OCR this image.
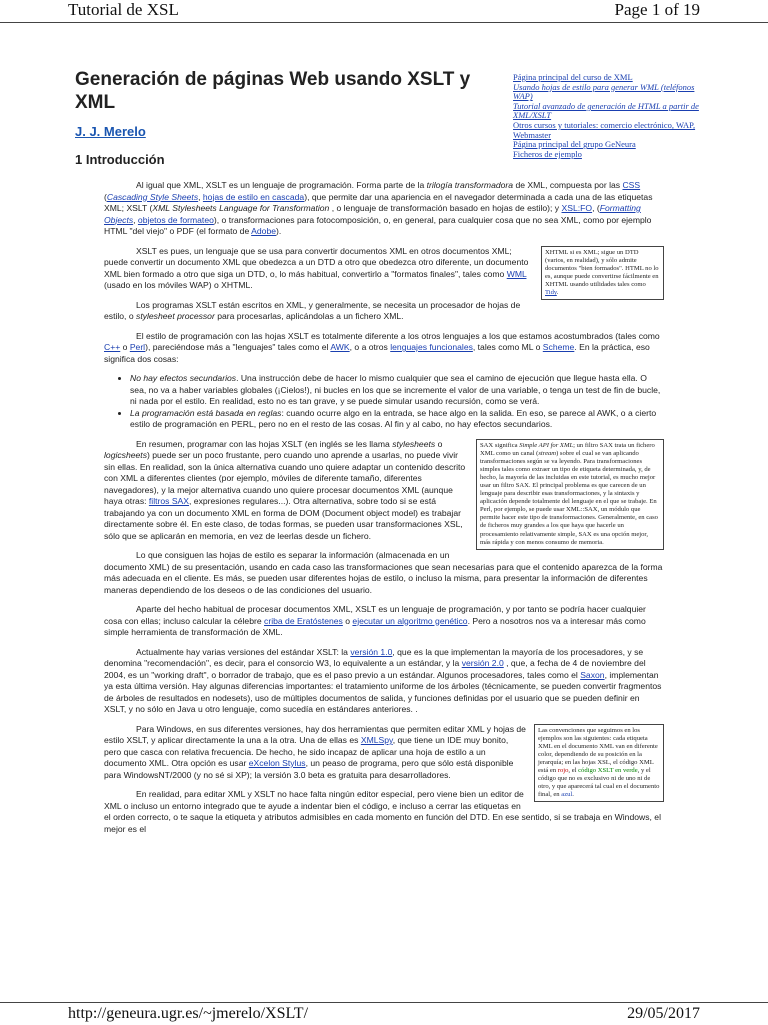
Tutorial de XSL	Page 1 of 19
Generación de páginas Web usando XSLT y XML
J. J. Merelo
1 Introducción
Página principal del curso de XML
Usando hojas de estilo para generar WML (teléfonos WAP)
Tutorial avanzado de generación de HTML a partir de XML/XSLT
Otros cursos y tutoriales: comercio electrónico, WAP, Webmaster
Página principal del grupo GeNeura
Ficheros de ejemplo

Al igual que XML, XSLT es un lenguaje de programación. Forma parte de la trilogía transformadora de XML, compuesta por las CSS (Cascading Style Sheets, hojas de estilo en cascada), que permite dar una apariencia en el navegador determinada a cada una de las etiquetas XML; XSLT (XML Stylesheets Language for Transformation , o lenguaje de transformación basado en hojas de estilo); y XSL:FO, (Formatting Objects, objetos de formateo), o transformaciones para fotocomposición, o, en general, para cualquier cosa que no sea XML, como por ejemplo HTML "del viejo" o PDF (el formato de Adobe).

XHTML si es XML; sigue un DTD (varios, en realidad), y sólo admite documentos "bien formados". HTML no lo es, aunque puede convertirse fácilmente en XHTML usando utilidades tales como Tidy.

XSLT es pues, un lenguaje que se usa para convertir documentos XML en otros documentos XML; puede convertir un documento XML que obedezca a un DTD a otro que obedezca otro diferente, un documento XML bien formado a otro que siga un DTD, o, lo más habitual, convertirlo a "formatos finales", tales como WML (usado en los móviles WAP) o XHTML.

Los programas XSLT están escritos en XML, y generalmente, se necesita un procesador de hojas de estilo, o stylesheet processor para procesarlas, aplicándolas a un fichero XML.

El estilo de programación con las hojas XSLT es totalmente diferente a los otros lenguajes a los que estamos acostumbrados (tales como C++ o Perl), pareciéndose más a "lenguajes" tales como el AWK, o a otros lenguajes funcionales, tales como ML o Scheme. En la práctica, eso significa dos cosas:

• No hay efectos secundarios. Una instrucción debe de hacer lo mismo cualquier que sea el camino de ejecución que llegue hasta ella. O sea, no va a haber variables globales (¡Cielos!), ni bucles en los que se incremente el valor de una variable, o tenga un test de fin de bucle, ni nada por el estilo. En realidad, esto no es tan grave, y se puede simular usando recursión, como se verá.
• La programación está basada en reglas: cuando ocurre algo en la entrada, se hace algo en la salida. En eso, se parece al AWK, o a cierto estilo de programación en PERL, pero no en el resto de las cosas. Al fin y al cabo, no hay efectos secundarios.
SAX significa Simple API for XML; un filtro SAX trata un fichero XML como un canal (stream) sobre el cual se van aplicando transformaciones según se va leyendo. Para transformaciones simples tales como extraer un tipo de etiqueta determinada, y, de hecho, la mayoría de las incluidas en este tutorial, es mucho mejor usar un filtro SAX. El principal problema es que carecen de un lenguaje para describir esas transformaciones, y la sintaxis y aplicación depende totalmente del lenguaje en el que se trabaje. En Perl, por ejemplo, se puede usar XML::SAX, un módulo que permite hacer este tipo de transformaciones. Generalmente, en caso de ficheros muy grandes a los que haya que hacerle un procesamiento relativamente simple, SAX es una opción mejor, más rápida y con menos consumo de memoria.

En resumen, programar con las hojas XSLT (en inglés se les llama stylesheets o logicsheets) puede ser un poco frustante, pero cuando uno aprende a usarlas, no puede vivir sin ellas. En realidad, son la única alternativa cuando uno quiere adaptar un contenido descrito con XML a diferentes clientes (por ejemplo, móviles de diferente tamaño, diferentes navegadores), y la mejor alternativa cuando uno quiere procesar documentos XML (aunque haya otras: filtros SAX, expresiones regulares...). Otra alternativa, sobre todo si se está trabajando ya con un documento XML en forma de DOM (Document object model) es trabajar directamente sobre él. En este claso, de todas formas, se pueden usar transformaciones XSL, sólo que se aplicarán en memoria, en vez de leerlas desde un fichero.

Lo que consiguen las hojas de estilo es separar la información (almacenada en un documento XML) de su presentación, usando en cada caso las transformaciones que sean necesarias para que el contenido aparezca de la forma más adecuada en el cliente. Es más, se pueden usar diferentes hojas de estilo, o incluso la misma, para presentar la información de diferentes maneras dependiendo de los deseos o de las condiciones del usuario.

Aparte del hecho habitual de procesar documentos XML, XSLT es un lenguaje de programación, y por tanto se podría hacer cualquier cosa con ellas; incluso calcular la célebre criba de Eratóstenes o ejecutar un algoritmo genético. Pero a nosotros nos va a interesar más como simple herramienta de transformación de XML.

Actualmente hay varias versiones del estándar XSLT: la versión 1.0, que es la que implementan la mayoría de los procesadores, y se denomina "recomendación", es decir, para el consorcio W3, lo equivalente a un estándar, y la versión 2.0 , que, a fecha de 4 de noviembre del 2004, es un "working draft", o borrador de trabajo, que es el paso previo a un estándar. Algunos procesadores, tales como el Saxon, implementan ya esta última versión. Hay algunas diferencias importantes: el tratamiento uniforme de los árboles (técnicamente, se pueden convertir fragmentos de árboles de resultados en nodesets), uso de múltiples documentos de salida, y funciones definidas por el usuario que se pueden definir en XSLT, y no sólo en Java u otro lenguaje, como sucedía en estándares anteriores. .

Las convenciones que seguimos en los ejemplos son las siguientes: cada etiqueta XML en el documento XML van en diferente color, dependiendo de su posición en la jerarquía; en las hojas XSL, el código XML está en rojo, el código XSLT en verde, y el código que no es exclusivo ni de uno ni de otro, y que aparecerá tal cual en el documento final, en azul.

Para Windows, en sus diferentes versiones, hay dos herramientas que permiten editar XML y hojas de estilo XSLT, y aplicar directamente la una a la otra. Una de ellas es XMLSpy, que tiene un IDE muy bonito, pero que casca con relativa frecuencia. De hecho, he sido incapaz de aplicar una hoja de estilo a un documento XML. Otra opción es usar eXcelon Stylus, un peaso de programa, pero que sólo está disponible para WindowsNT/2000 (y no sé si XP); la versión 3.0 beta es gratuita para desarrolladores.

En realidad, para editar XML y XSLT no hace falta ningún editor especial, pero viene bien un editor de XML o incluso un entorno integrado que te ayude a indentar bien el código, e incluso a cerrar las etiquetas en el orden correcto, o te saque la etiqueta y atributos admisibles en cada momento en función del DTD. En ese sentido, si se trabaja en Windows, el mejor es el

http://geneura.ugr.es/~jmerelo/XSLT/	29/05/2017
